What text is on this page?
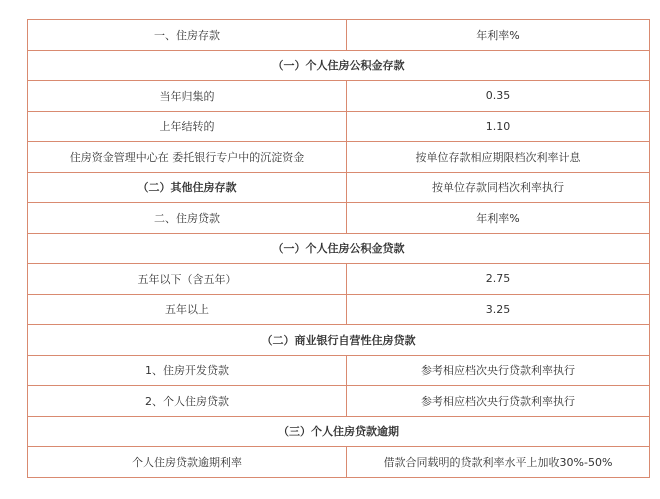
一、住房存款	年利率%
（一）个人住房公积金存款	
当年归集的	0.35
上年结转的	1.10
住房资金管理中心在 委托银行专户中的沉淀资金	按单位存款相应期限档次利率计息
（二）其他住房存款	按单位存款同档次利率执行
二、住房贷款	年利率%
（一）个人住房公积金贷款	
五年以下（含五年）	2.75
五年以上	3.25
（二）商业银行自营性住房贷款	
1、住房开发贷款	参考相应档次央行贷款利率执行
2、个人住房贷款	参考相应档次央行贷款利率执行
（三）个人住房贷款逾期	
个人住房贷款逾期利率	借款合同载明的贷款利率水平上加收30%-50%
